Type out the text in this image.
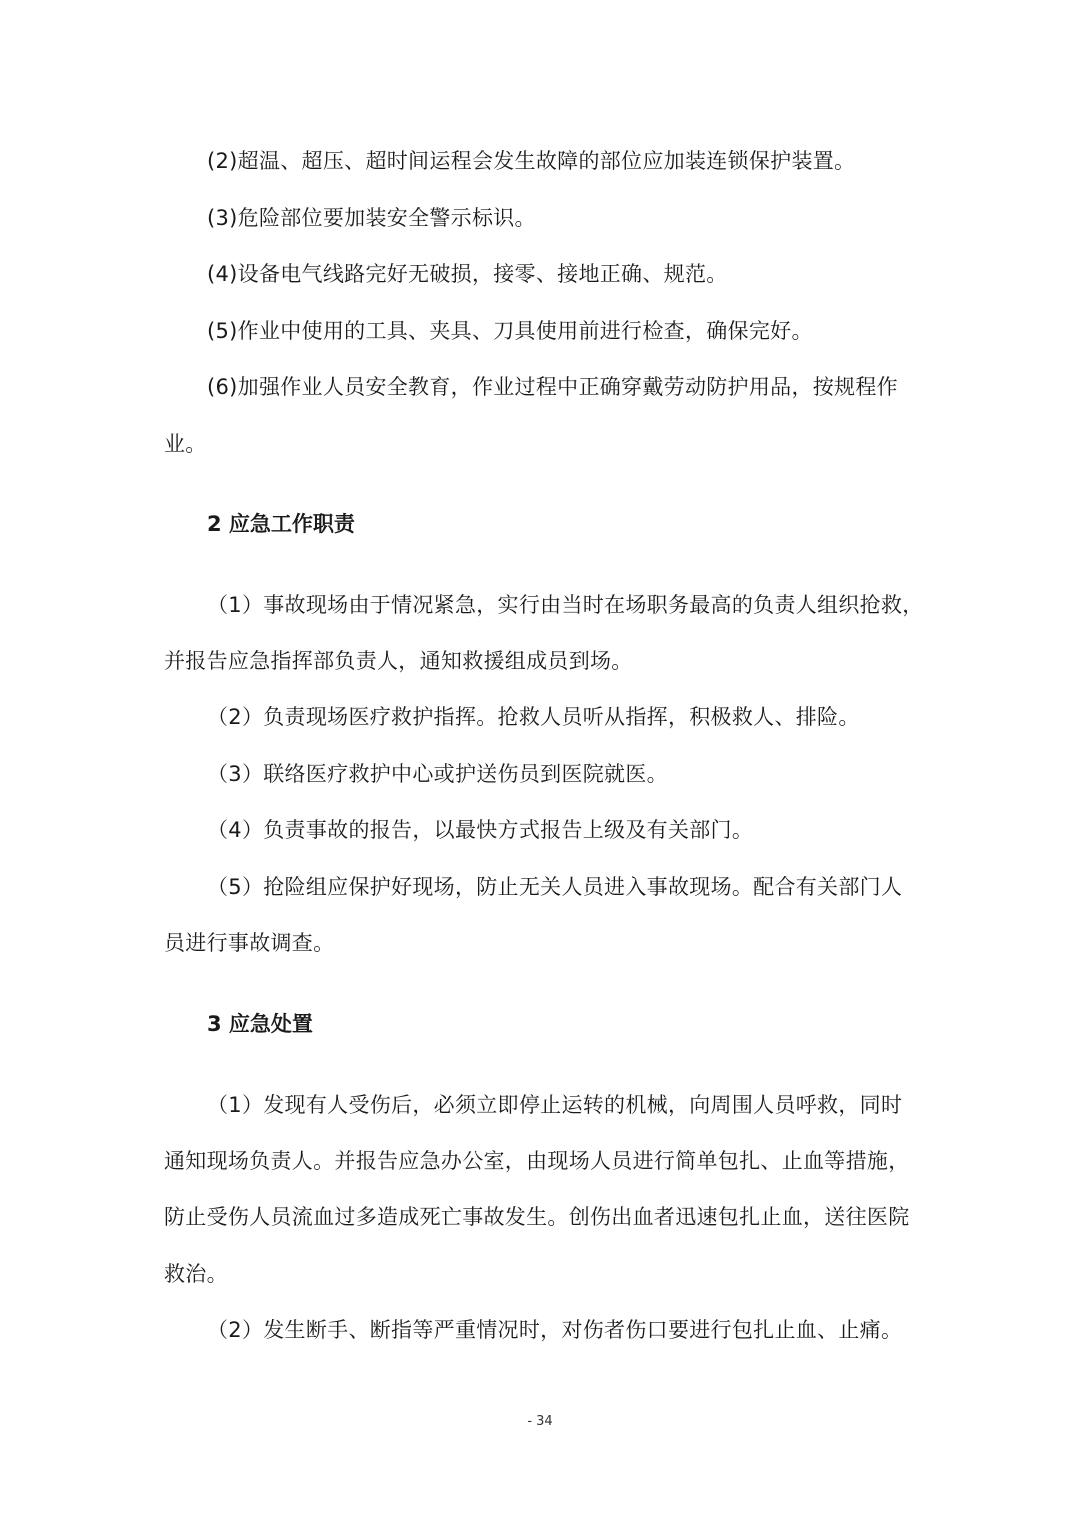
(2)超温、超压、超时间运程会发生故障的部位应加装连锁保护装置。
(3)危险部位要加装安全警示标识。
(4)设备电气线路完好无破损，接零、接地正确、规范。
(5)作业中使用的工具、夹具、刀具使用前进行检查，确保完好。
(6)加强作业人员安全教育，作业过程中正确穿戴劳动防护用品，按规程作
业。
2 应急工作职责
（1）事故现场由于情况紧急，实行由当时在场职务最高的负责人组织抢救，
并报告应急指挥部负责人，通知救援组成员到场。
（2）负责现场医疗救护指挥。抢救人员听从指挥，积极救人、排险。
（3）联络医疗救护中心或护送伤员到医院就医。
（4）负责事故的报告，以最快方式报告上级及有关部门。
（5）抢险组应保护好现场，防止无关人员进入事故现场。配合有关部门人
员进行事故调查。
3 应急处置
（1）发现有人受伤后，必须立即停止运转的机械，向周围人员呼救，同时
通知现场负责人。并报告应急办公室，由现场人员进行简单包扎、止血等措施，
防止受伤人员流血过多造成死亡事故发生。创伤出血者迅速包扎止血，送往医院
救治。
（2）发生断手、断指等严重情况时，对伤者伤口要进行包扎止血、止痛。
- 34
